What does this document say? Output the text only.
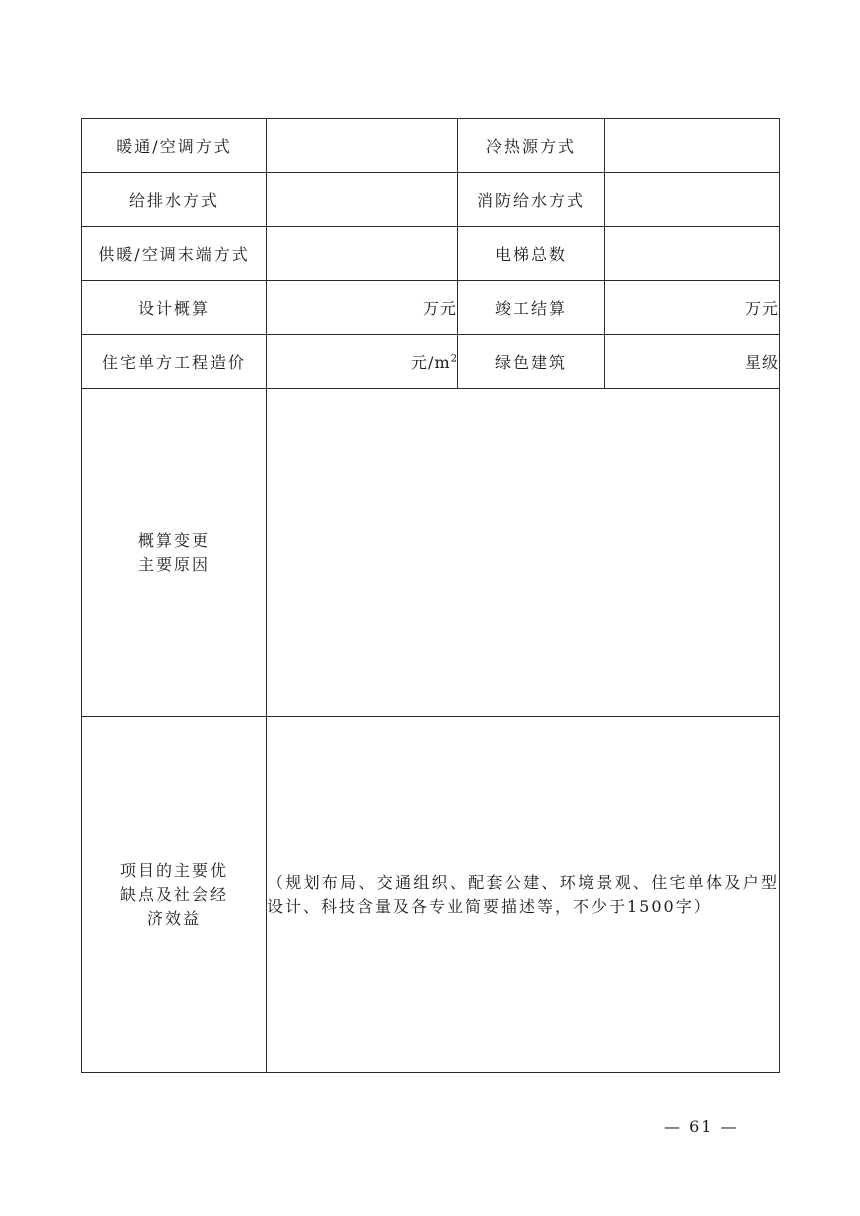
暖通/空调方式		冷热源方式	
给排水方式		消防给水方式	
供暖/空调末端方式		电梯总数	
设计概算	万元	竣工结算	万元
住宅单方工程造价	元$/m^2$	绿色建筑	星级

概算变更
主要原因			

项目的主要优
缺点及社会经
济效益	（规划布局、交通组织、配套公建、环境景观、住宅单体及户型设计、科技含量及各专业简要描述等，不少于1500字）		
— 61 —
